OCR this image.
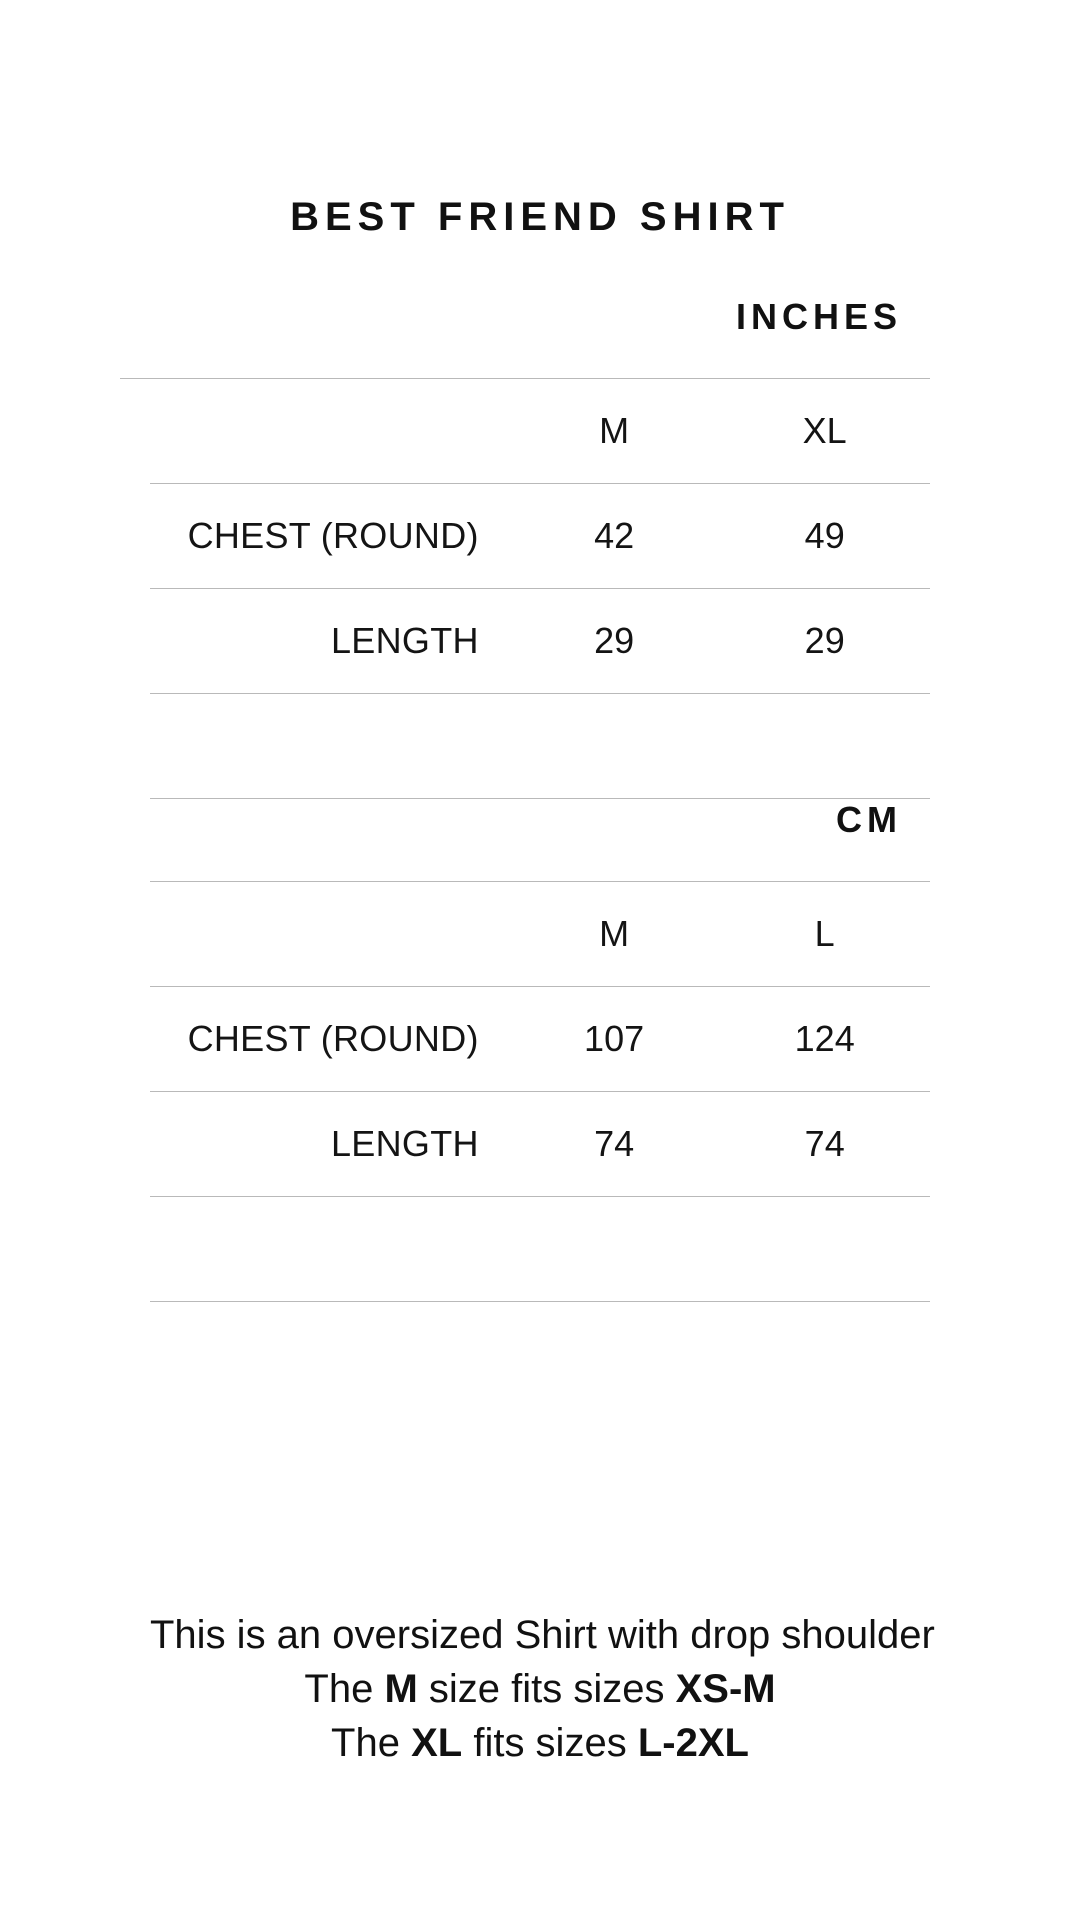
BEST FRIEND SHIRT
INCHES
	M	XL
CHEST (ROUND)	42	49
LENGTH	29	29

CM
	M	L
CHEST (ROUND)	107	124
LENGTH	74	74

This is an oversized Shirt with drop shoulder
The M size fits sizes XS-M
The XL fits sizes L-2XL
